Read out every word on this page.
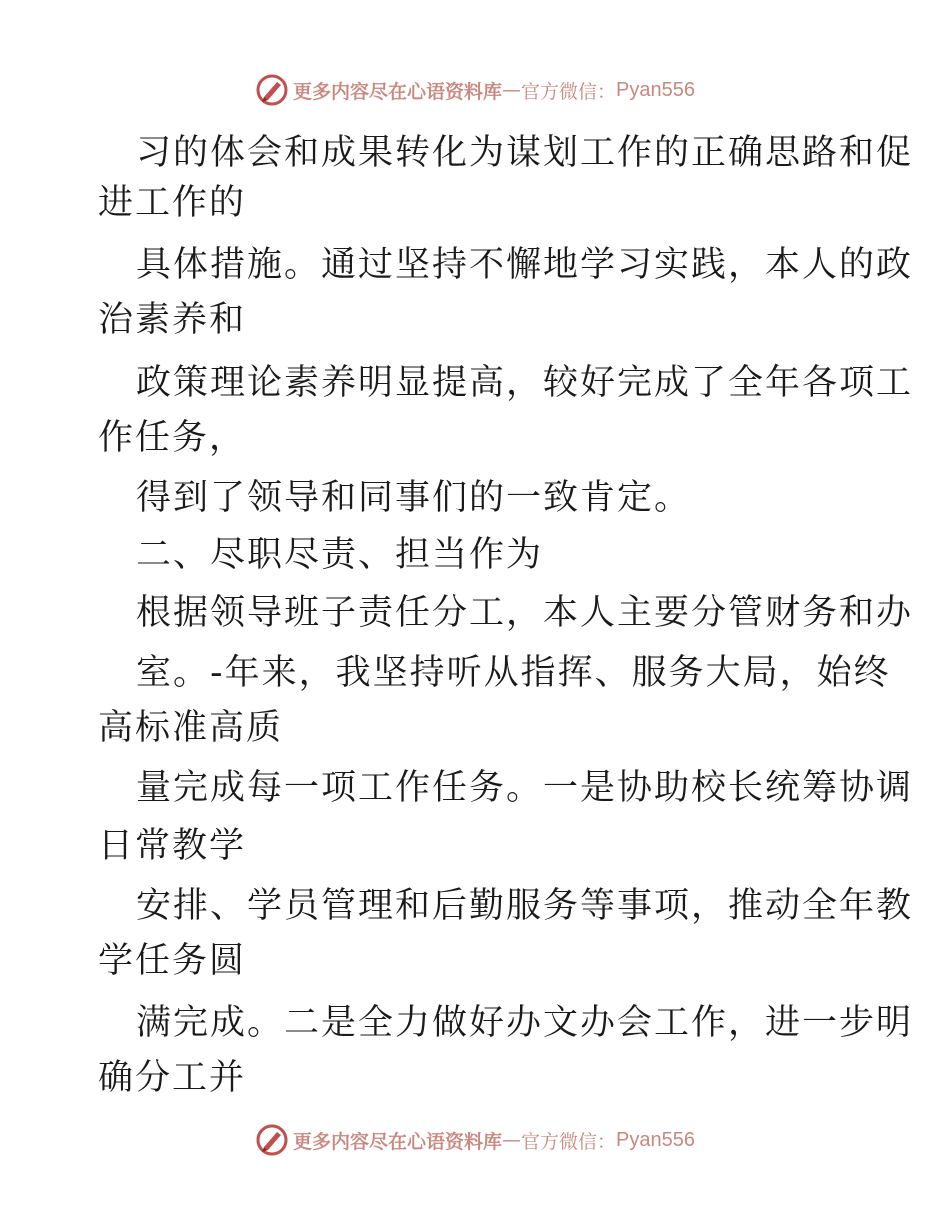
更多内容尽在心语资料库 — 官方微信： Pyan556
习的体会和成果转化为谋划工作的正确思路和促
进工作的
具体措施。通过坚持不懈地学习实践，本人的政
治素养和
政策理论素养明显提高，较好完成了全年各项工
作任务，
得到了领导和同事们的一致肯定。
二、尽职尽责、担当作为
根据领导班子责任分工，本人主要分管财务和办
室。-年来，我坚持听从指挥、服务大局，始终
高标准高质
量完成每一项工作任务。一是协助校长统筹协调
日常教学
安排、学员管理和后勤服务等事项，推动全年教
学任务圆
满完成。二是全力做好办文办会工作，进一步明
确分工并
更多内容尽在心语资料库 — 官方微信： Pyan556
